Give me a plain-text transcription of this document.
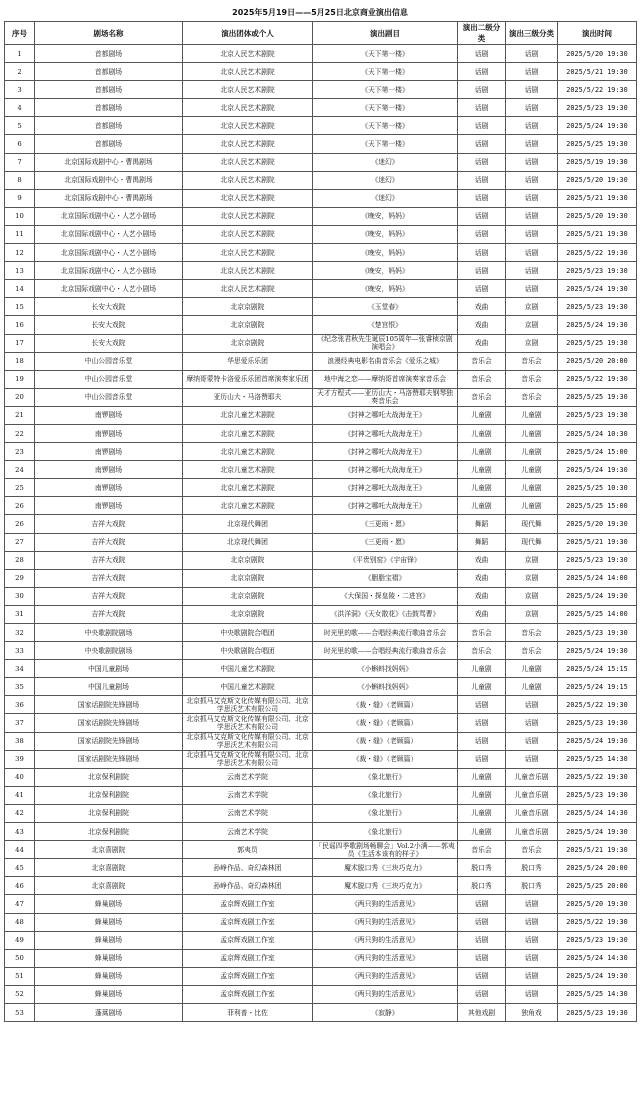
2025年5月19日——5月25日北京商业演出信息
序号	剧场名称	演出团体或个人	演出剧目	演出二级分类	演出三级分类	演出时间
1	首都剧场	北京人民艺术剧院	《天下第一楼》	话剧	话剧	2025/5/20 19:30
2	首都剧场	北京人民艺术剧院	《天下第一楼》	话剧	话剧	2025/5/21 19:30
3	首都剧场	北京人民艺术剧院	《天下第一楼》	话剧	话剧	2025/5/22 19:30
4	首都剧场	北京人民艺术剧院	《天下第一楼》	话剧	话剧	2025/5/23 19:30
5	首都剧场	北京人民艺术剧院	《天下第一楼》	话剧	话剧	2025/5/24 19:30
6	首都剧场	北京人民艺术剧院	《天下第一楼》	话剧	话剧	2025/5/25 19:30
7	北京国际戏剧中心・曹禺剧场	北京人民艺术剧院	《迷幻》	话剧	话剧	2025/5/19 19:30
8	北京国际戏剧中心・曹禺剧场	北京人民艺术剧院	《迷幻》	话剧	话剧	2025/5/20 19:30
9	北京国际戏剧中心・曹禺剧场	北京人民艺术剧院	《迷幻》	话剧	话剧	2025/5/21 19:30
10	北京国际戏剧中心・人艺小剧场	北京人民艺术剧院	《晚安，妈妈》	话剧	话剧	2025/5/20 19:30
11	北京国际戏剧中心・人艺小剧场	北京人民艺术剧院	《晚安，妈妈》	话剧	话剧	2025/5/21 19:30
12	北京国际戏剧中心・人艺小剧场	北京人民艺术剧院	《晚安，妈妈》	话剧	话剧	2025/5/22 19:30
13	北京国际戏剧中心・人艺小剧场	北京人民艺术剧院	《晚安，妈妈》	话剧	话剧	2025/5/23 19:30
14	北京国际戏剧中心・人艺小剧场	北京人民艺术剧院	《晚安，妈妈》	话剧	话剧	2025/5/24 19:30
15	长安大戏院	北京京剧院	《玉堂春》	戏曲	京剧	2025/5/23 19:30
16	长安大戏院	北京京剧院	《楚宫恨》	戏曲	京剧	2025/5/24 19:30
17	长安大戏院	北京京剧院	《纪念张君秋先生诞辰105周年—张睿桢京剧演唱会》	戏曲	京剧	2025/5/25 19:30
18	中山公园音乐堂	华思爱乐乐团	浪漫经典电影名曲音乐会《爱乐之城》	音乐会	音乐会	2025/5/20 20:00
19	中山公园音乐堂	摩纳哥蒙特卡洛爱乐乐团首席演奏家乐团	地中海之恋——摩纳哥首席演奏家音乐会	音乐会	音乐会	2025/5/22 19:30
20	中山公园音乐堂	亚历山大・马洛赞耶夫	天才方程式——亚历山大・马洛赞耶夫钢琴独奏音乐会	音乐会	音乐会	2025/5/25 19:30
21	南锣剧场	北京儿童艺术剧院	《封神之哪吒大战海龙王》	儿童剧	儿童剧	2025/5/23 19:30
22	南锣剧场	北京儿童艺术剧院	《封神之哪吒大战海龙王》	儿童剧	儿童剧	2025/5/24 10:30
23	南锣剧场	北京儿童艺术剧院	《封神之哪吒大战海龙王》	儿童剧	儿童剧	2025/5/24 15:00
24	南锣剧场	北京儿童艺术剧院	《封神之哪吒大战海龙王》	儿童剧	儿童剧	2025/5/24 19:30
25	南锣剧场	北京儿童艺术剧院	《封神之哪吒大战海龙王》	儿童剧	儿童剧	2025/5/25 10:30
26	南锣剧场	北京儿童艺术剧院	《封神之哪吒大战海龙王》	儿童剧	儿童剧	2025/5/25 15:00
26	吉祥大戏院	北京现代舞团	《三更雨・愿》	舞蹈	现代舞	2025/5/20 19:30
27	吉祥大戏院	北京现代舞团	《三更雨・愿》	舞蹈	现代舞	2025/5/21 19:30
28	吉祥大戏院	北京京剧院	《平贵别窑》《宇宙锋》	戏曲	京剧	2025/5/23 19:30
29	吉祥大戏院	北京京剧院	《胭脂宝褶》	戏曲	京剧	2025/5/24 14:00
30	吉祥大戏院	北京京剧院	《大保国・探皇陵・二进宫》	戏曲	京剧	2025/5/24 19:30
31	吉祥大戏院	北京京剧院	《洪洋洞》《天女散花》《击鼓骂曹》	戏曲	京剧	2025/5/25 14:00
32	中央歌剧院剧场	中央歌剧院合唱团	时光里的歌——合唱经典流行歌曲音乐会	音乐会	音乐会	2025/5/23 19:30
33	中央歌剧院剧场	中央歌剧院合唱团	时光里的歌——合唱经典流行歌曲音乐会	音乐会	音乐会	2025/5/24 19:30
34	中国儿童剧场	中国儿童艺术剧院	《小蝌蚪找妈妈》	儿童剧	儿童剧	2025/5/24 15:15
35	中国儿童剧场	中国儿童艺术剧院	《小蝌蚪找妈妈》	儿童剧	儿童剧	2025/5/24 19:15
36	国家话剧院先锋剧场	北京抓马艾克斯文化传媒有限公司、北京学思沃艺术有限公司	《裁・缝》（老顾篇）	话剧	话剧	2025/5/22 19:30
37	国家话剧院先锋剧场	北京抓马艾克斯文化传媒有限公司、北京学思沃艺术有限公司	《裁・缝》（老顾篇）	话剧	话剧	2025/5/23 19:30
38	国家话剧院先锋剧场	北京抓马艾克斯文化传媒有限公司、北京学思沃艺术有限公司	《裁・缝》（老顾篇）	话剧	话剧	2025/5/24 19:30
39	国家话剧院先锋剧场	北京抓马艾克斯文化传媒有限公司、北京学思沃艺术有限公司	《裁・缝》（老顾篇）	话剧	话剧	2025/5/25 14:30
40	北京保利剧院	云南艺术学院	《象北旅行》	儿童剧	儿童音乐剧	2025/5/22 19:30
41	北京保利剧院	云南艺术学院	《象北旅行》	儿童剧	儿童音乐剧	2025/5/23 19:30
42	北京保利剧院	云南艺术学院	《象北旅行》	儿童剧	儿童音乐剧	2025/5/24 14:30
43	北京保利剧院	云南艺术学院	《象北旅行》	儿童剧	儿童音乐剧	2025/5/24 19:30
44	北京喜剧院	郭夷员	「民谣四季歌剧场畅聊会」Vol.2小满——郭夷员《生活本该有的样子》	音乐会	音乐会	2025/5/21 19:30
45	北京喜剧院	孙峥作品、奇幻森林团	魔术脱口秀《三块巧克力》	脱口秀	脱口秀	2025/5/24 20:00
46	北京喜剧院	孙峥作品、奇幻森林团	魔术脱口秀《三块巧克力》	脱口秀	脱口秀	2025/5/25 20:00
47	蜂巢剧场	孟京辉戏剧工作室	《两只狗的生活意见》	话剧	话剧	2025/5/20 19:30
48	蜂巢剧场	孟京辉戏剧工作室	《两只狗的生活意见》	话剧	话剧	2025/5/22 19:30
49	蜂巢剧场	孟京辉戏剧工作室	《两只狗的生活意见》	话剧	话剧	2025/5/23 19:30
50	蜂巢剧场	孟京辉戏剧工作室	《两只狗的生活意见》	话剧	话剧	2025/5/24 14:30
51	蜂巢剧场	孟京辉戏剧工作室	《两只狗的生活意见》	话剧	话剧	2025/5/24 19:30
52	蜂巢剧场	孟京辉戏剧工作室	《两只狗的生活意见》	话剧	话剧	2025/5/25 14:30
53	蓬蒿剧场	菲利普・比佐	《寂静》	其他戏剧	独角戏	2025/5/23 19:30
